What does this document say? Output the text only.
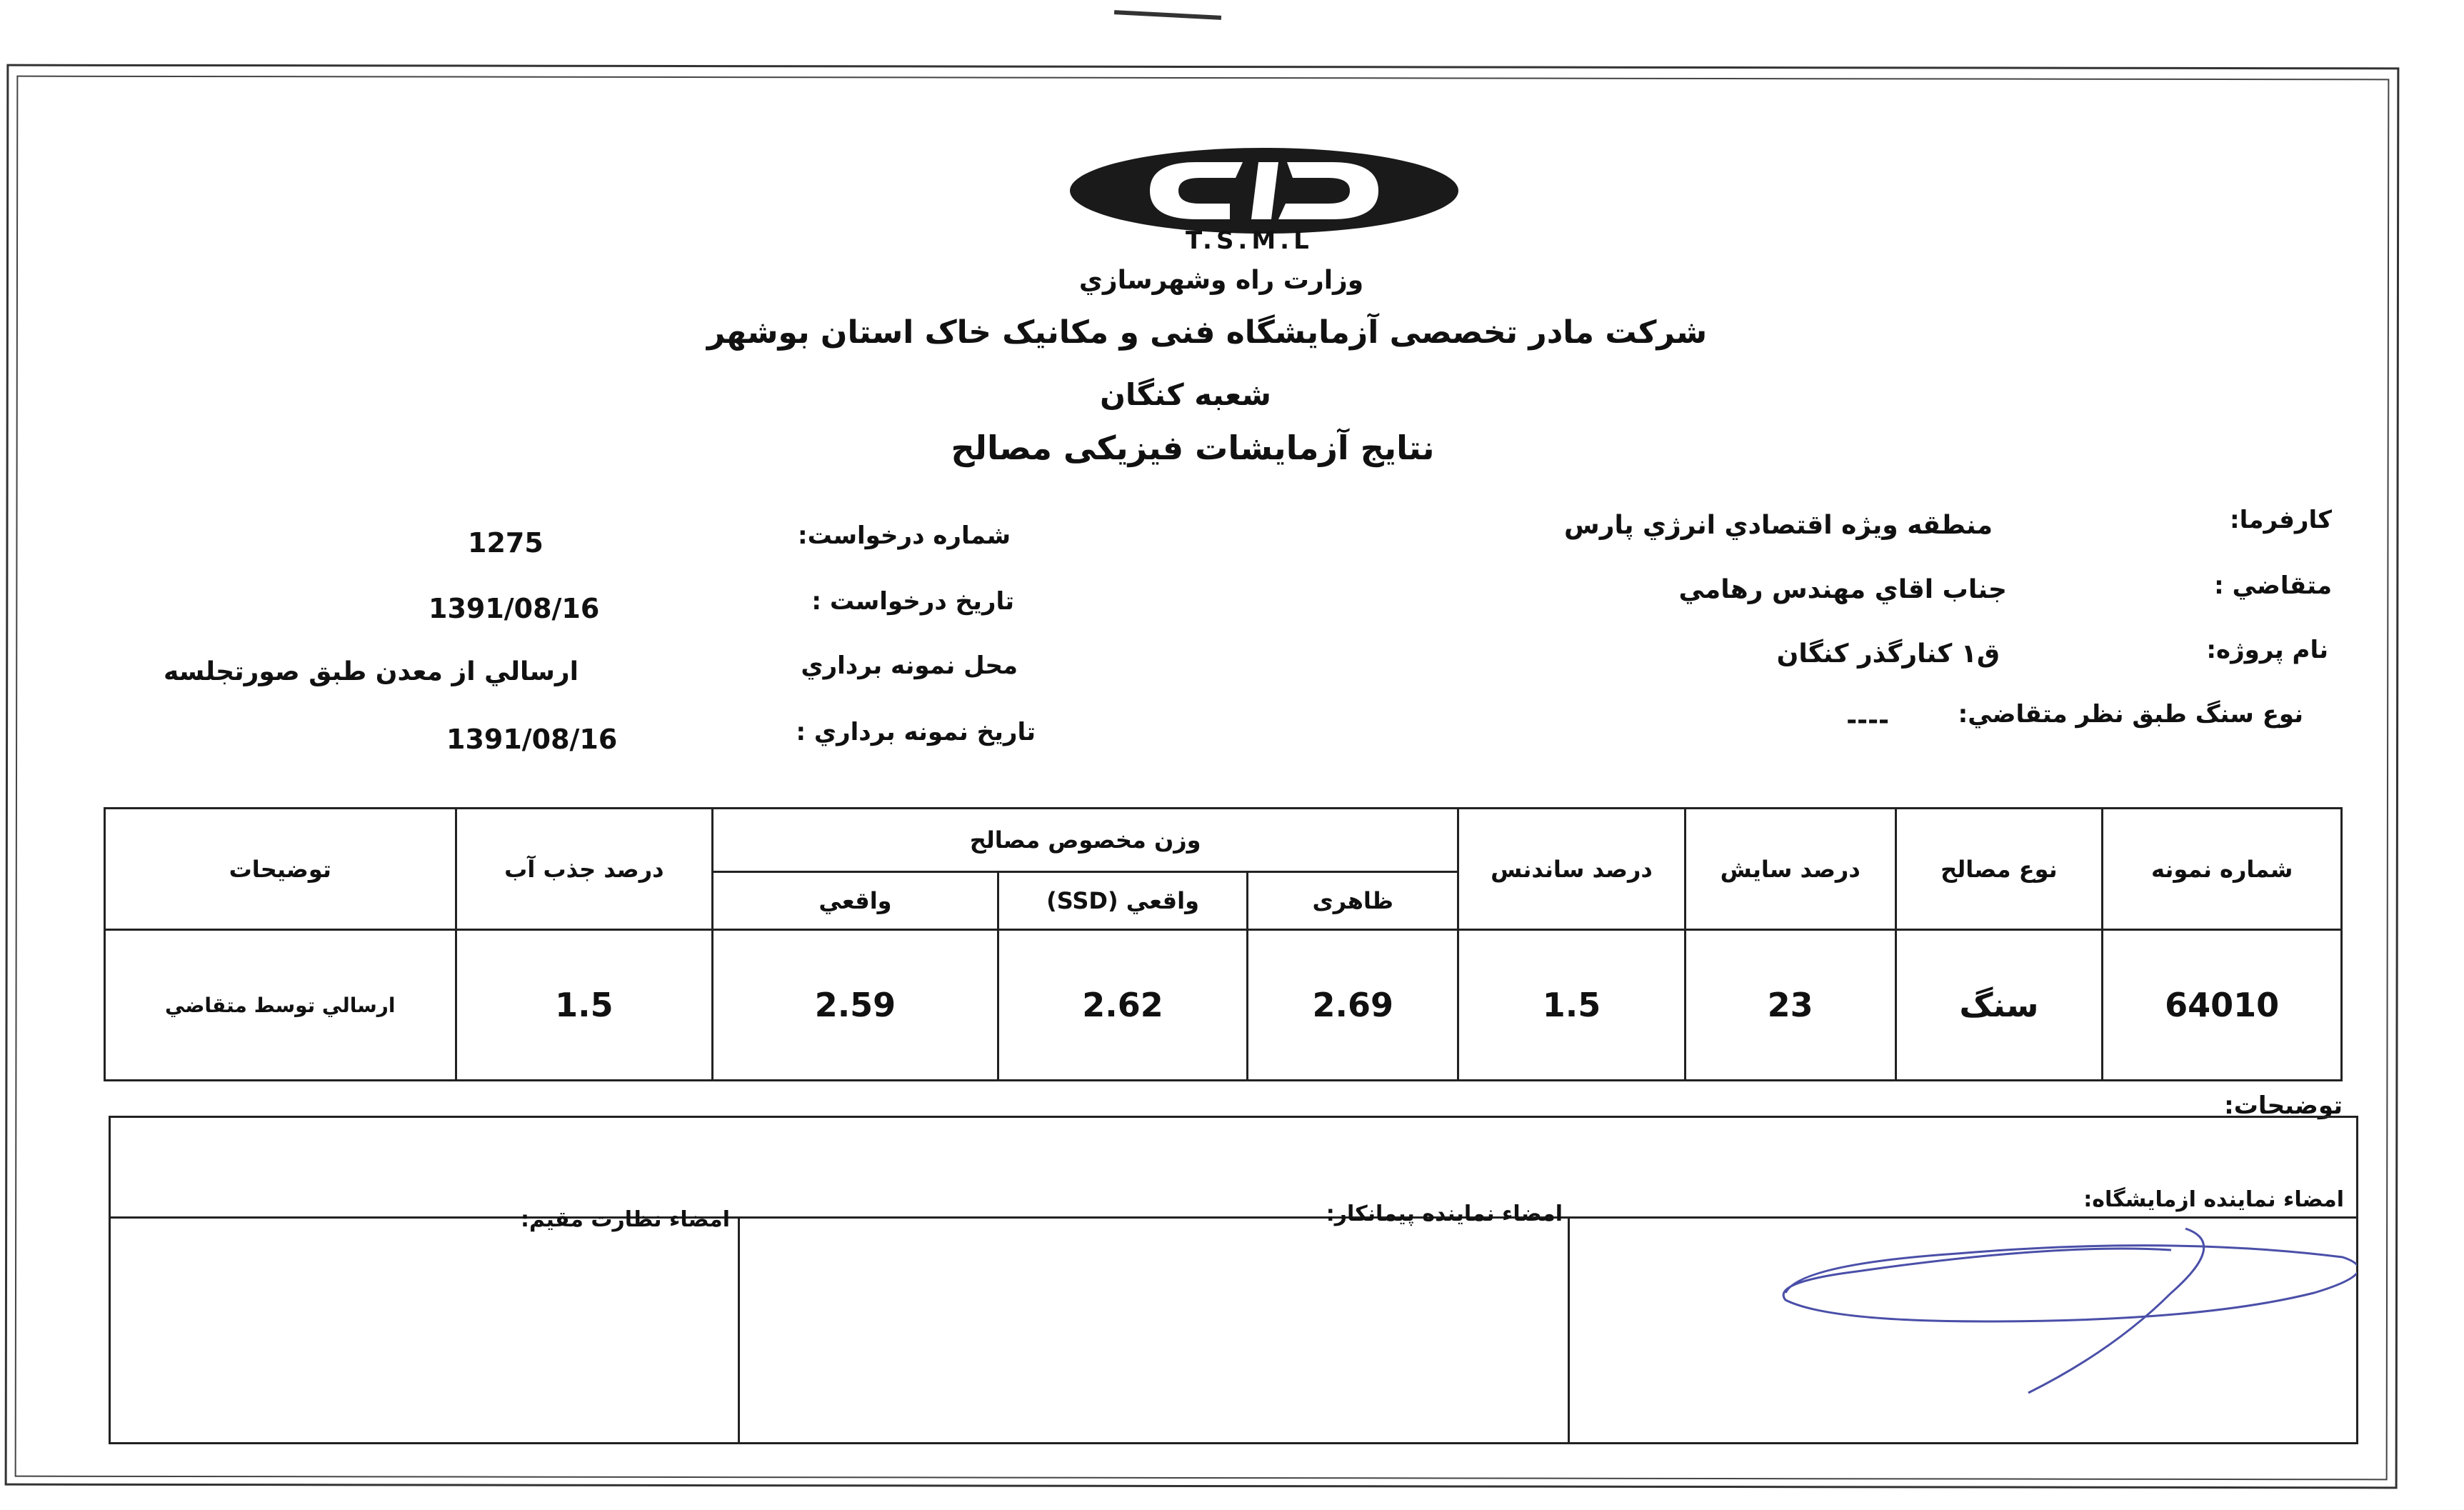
T.S.M.L
وزارت راه وشهرسازي
شرکت مادر تخصصی آزمایشگاه فنی و مکانیک خاک استان بوشهر
شعبه کنگان
نتایج آزمایشات فیزیکی مصالح
کارفرما:
منطقه ویژه اقتصادي انرژي پارس
متقاضي :
جناب اقاي مهندس رهامي
نام پروژه:
ق۱ کنارگذر کنگان
نوع سنگ طبق نظر متقاضي:
----
شماره درخواست:
1275
تاريخ درخواست :
1391/08/16
محل نمونه برداري
ارسالي از معدن طبق صورتجلسه
تاريخ نمونه برداري :
1391/08/16
شماره نمونه	نوع مصالح	درصد سایش	درصد ساندنس	وزن مخصوص مصالح			درصد جذب آب	توضیحات
				ظاهری	واقعي (SSD)	واقعي		
64010	سنگ	23	1.5	2.69	2.62	2.59	1.5	ارسالي توسط متقاضي
توضیحات:
امضاء نماینده ازمایشگاه:
امضاء نماینده پیمانکار:
امضاء نظارت مقیم:
